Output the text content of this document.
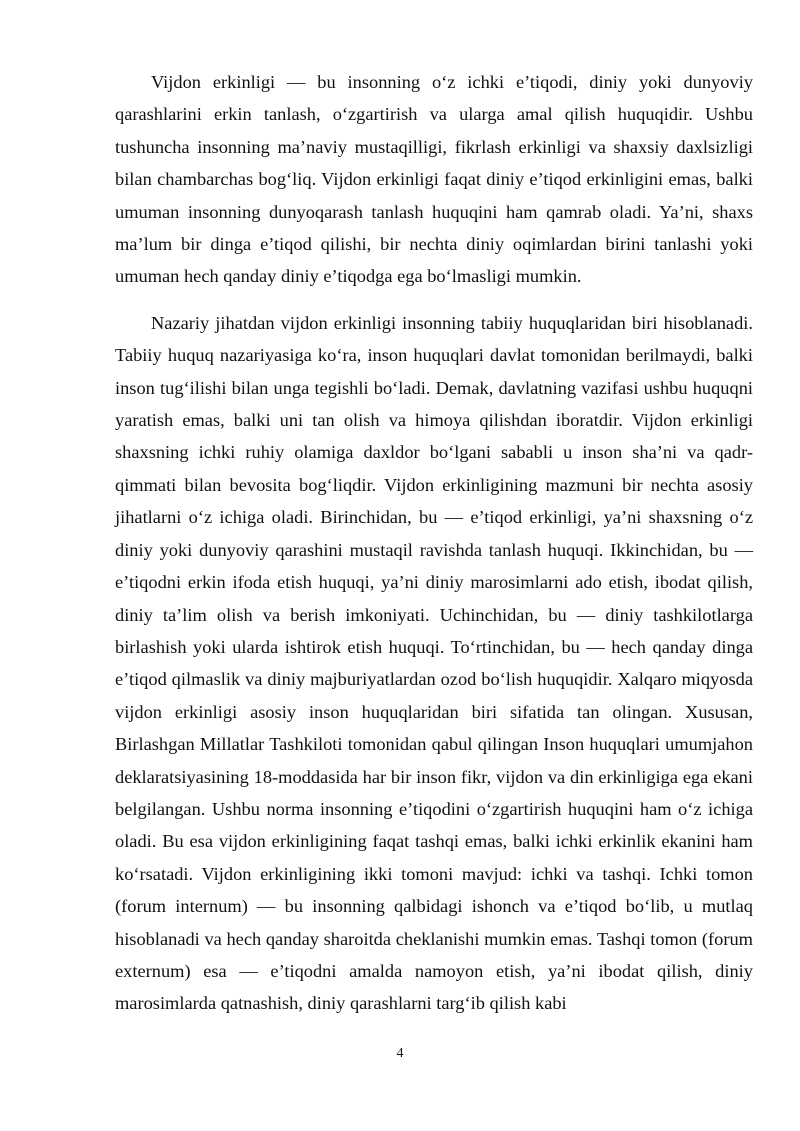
Vijdon erkinligi — bu insonning o‘z ichki e’tiqodi, diniy yoki dunyoviy qarashlarini erkin tanlash, o‘zgartirish va ularga amal qilish huquqidir. Ushbu tushuncha insonning ma’naviy mustaqilligi, fikrlash erkinligi va shaxsiy daxlsizligi bilan chambarchas bog‘liq. Vijdon erkinligi faqat diniy e’tiqod erkinligini emas, balki umuman insonning dunyoqarash tanlash huquqini ham qamrab oladi. Ya’ni, shaxs ma’lum bir dinga e’tiqod qilishi, bir nechta diniy oqimlardan birini tanlashi yoki umuman hech qanday diniy e’tiqodga ega bo‘lmasligi mumkin.

Nazariy jihatdan vijdon erkinligi insonning tabiiy huquqlaridan biri hisoblanadi. Tabiiy huquq nazariyasiga ko‘ra, inson huquqlari davlat tomonidan berilmaydi, balki inson tug‘ilishi bilan unga tegishli bo‘ladi. Demak, davlatning vazifasi ushbu huquqni yaratish emas, balki uni tan olish va himoya qilishdan iboratdir. Vijdon erkinligi shaxsning ichki ruhiy olamiga daxldor bo‘lgani sababli u inson sha’ni va qadr-qimmati bilan bevosita bog‘liqdir. Vijdon erkinligining mazmuni bir nechta asosiy jihatlarni o‘z ichiga oladi. Birinchidan, bu — e’tiqod erkinligi, ya’ni shaxsning o‘z diniy yoki dunyoviy qarashini mustaqil ravishda tanlash huquqi. Ikkinchidan, bu — e’tiqodni erkin ifoda etish huquqi, ya’ni diniy marosimlarni ado etish, ibodat qilish, diniy ta’lim olish va berish imkoniyati. Uchinchidan, bu — diniy tashkilotlarga birlashish yoki ularda ishtirok etish huquqi. To‘rtinchidan, bu — hech qanday dinga e’tiqod qilmaslik va diniy majburiyatlardan ozod bo‘lish huquqidir. Xalqaro miqyosda vijdon erkinligi asosiy inson huquqlaridan biri sifatida tan olingan. Xususan, Birlashgan Millatlar Tashkiloti tomonidan qabul qilingan Inson huquqlari umumjahon deklaratsiyasining 18-moddasida har bir inson fikr, vijdon va din erkinligiga ega ekani belgilangan. Ushbu norma insonning e’tiqodini o‘zgartirish huquqini ham o‘z ichiga oladi. Bu esa vijdon erkinligining faqat tashqi emas, balki ichki erkinlik ekanini ham ko‘rsatadi. Vijdon erkinligining ikki tomoni mavjud: ichki va tashqi. Ichki tomon (forum internum) — bu insonning qalbidagi ishonch va e’tiqod bo‘lib, u mutlaq hisoblanadi va hech qanday sharoitda cheklanishi mumkin emas. Tashqi tomon (forum externum) esa — e’tiqodni amalda namoyon etish, ya’ni ibodat qilish, diniy marosimlarda qatnashish, diniy qarashlarni targ‘ib qilish kabi

4
